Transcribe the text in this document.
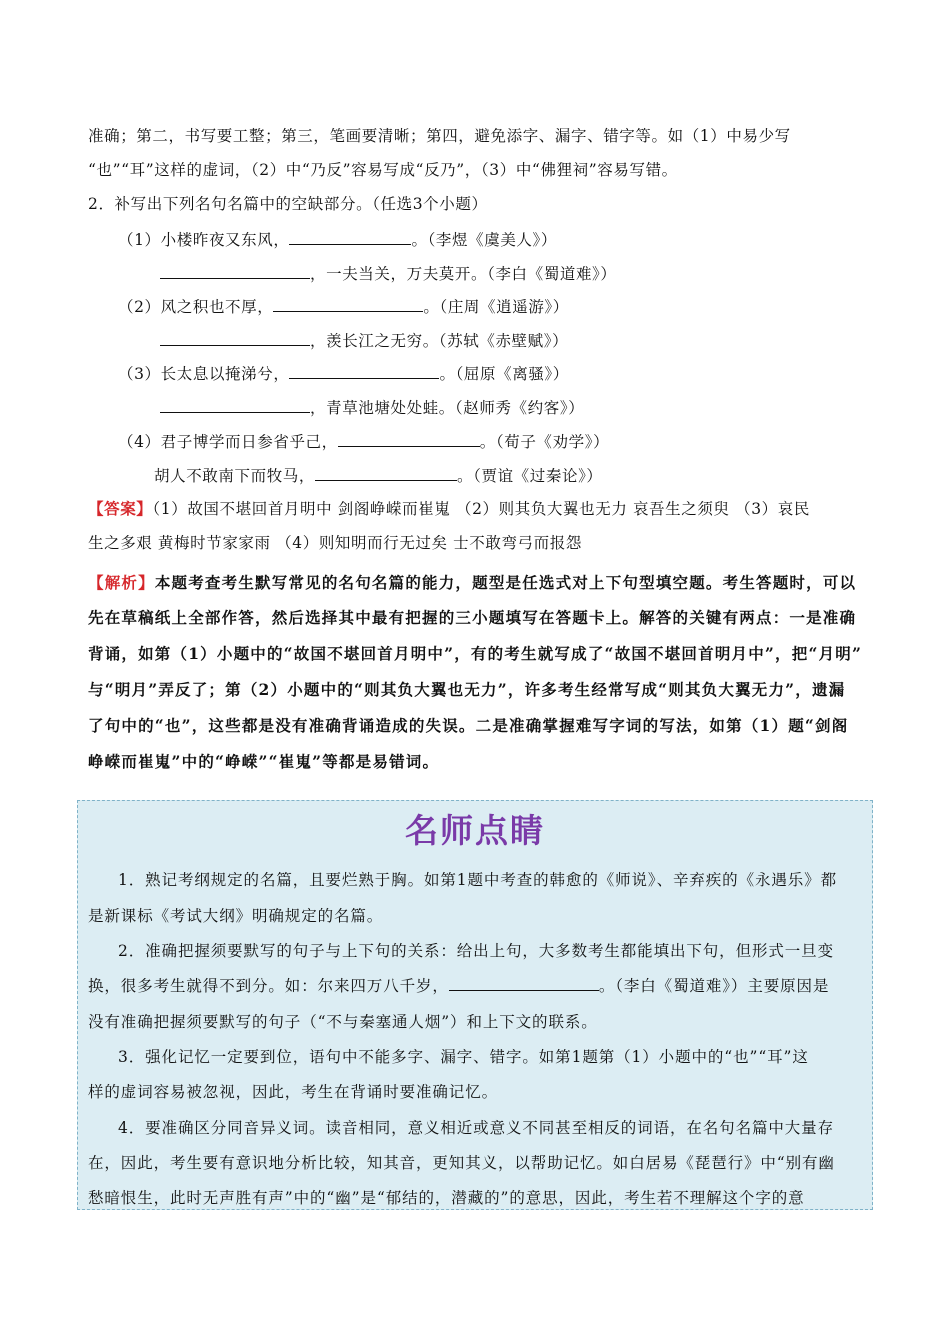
准确；第二，书写要工整；第三，笔画要清晰；第四，避免添字、漏字、错字等。如（1）中易少写
“也”“耳”这样的虚词，（2）中“乃反”容易写成“反乃”，（3）中“佛狸祠”容易写错。
2．补写出下列名句名篇中的空缺部分。（任选3个小题）
（1）小楼昨夜又东风，	。（李煜《虞美人》）
，一夫当关，万夫莫开。（李白《蜀道难》）
（2）风之积也不厚，	。（庄周《逍遥游》）
，羡长江之无穷。（苏轼《赤壁赋》）
（3）长太息以掩涕兮，	。（屈原《离骚》）
，青草池塘处处蛙。（赵师秀《约客》）
（4）君子博学而日参省乎己，	。（荀子《劝学》）
胡人不敢南下而牧马，	。（贾谊《过秦论》）
【答案】（1）故国不堪回首月明中 剑阁峥嵘而崔嵬 （2）则其负大翼也无力 哀吾生之须臾 （3）哀民
生之多艰 黄梅时节家家雨 （4）则知明而行无过矣 士不敢弯弓而报怨
【解析】本题考查考生默写常见的名句名篇的能力，题型是任选式对上下句型填空题。考生答题时，可以
先在草稿纸上全部作答，然后选择其中最有把握的三小题填写在答题卡上。解答的关键有两点：一是准确
背诵，如第（1）小题中的“故国不堪回首月明中”，有的考生就写成了“故国不堪回首明月中”，把“月明”
与“明月”弄反了；第（2）小题中的“则其负大翼也无力”，许多考生经常写成“则其负大翼无力”，遗漏
了句中的“也”，这些都是没有准确背诵造成的失误。二是准确掌握难写字词的写法，如第（1）题“剑阁
峥嵘而崔嵬”中的“峥嵘”“崔嵬”等都是易错词。
名师点睛
1．熟记考纲规定的名篇，且要烂熟于胸。如第1题中考查的韩愈的《师说》、辛弃疾的《永遇乐》都
是新课标《考试大纲》明确规定的名篇。
2．准确把握须要默写的句子与上下句的关系：给出上句，大多数考生都能填出下句，但形式一旦变
换，很多考生就得不到分。如：尔来四万八千岁，	。（李白《蜀道难》）主要原因是
没有准确把握须要默写的句子（“不与秦塞通人烟”）和上下文的联系。
3．强化记忆一定要到位，语句中不能多字、漏字、错字。如第1题第（1）小题中的“也”“耳”这
样的虚词容易被忽视，因此，考生在背诵时要准确记忆。
4．要准确区分同音异义词。读音相同，意义相近或意义不同甚至相反的词语，在名句名篇中大量存
在，因此，考生要有意识地分析比较，知其音，更知其义，以帮助记忆。如白居易《琵琶行》中“别有幽
愁暗恨生，此时无声胜有声”中的“幽”是“郁结的，潜藏的”的意思，因此，考生若不理解这个字的意
